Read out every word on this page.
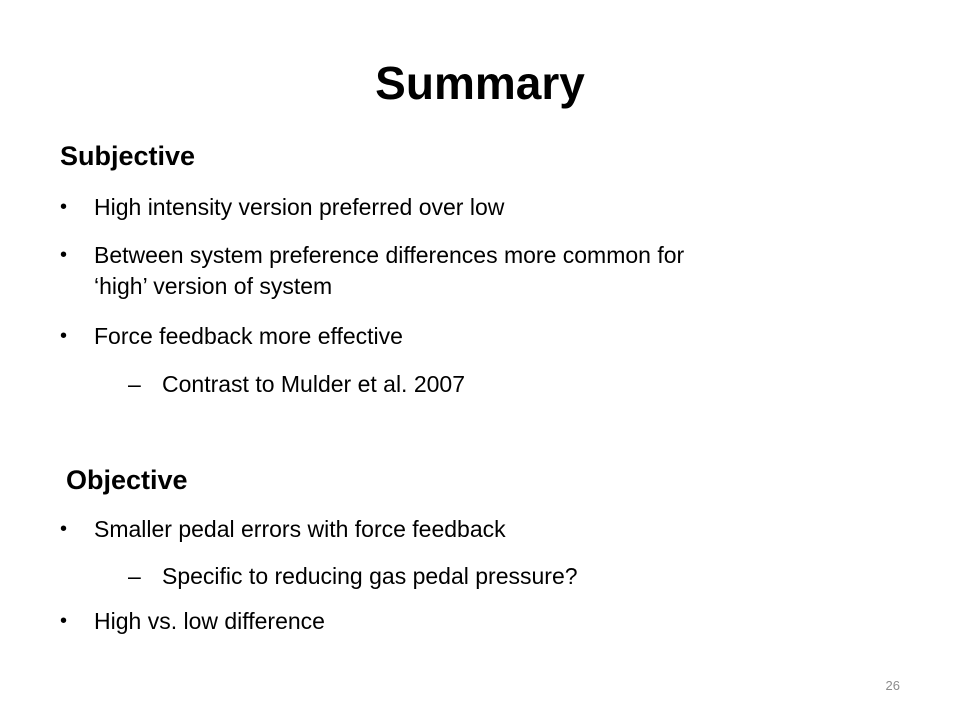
Summary
Subjective
• High intensity version preferred over low
• Between system preference differences more common for
‘high’ version of system
• Force feedback more effective
– Contrast to Mulder et al. 2007
Objective
• Smaller pedal errors with force feedback
– Specific to reducing gas pedal pressure?
• High vs. low difference
26
